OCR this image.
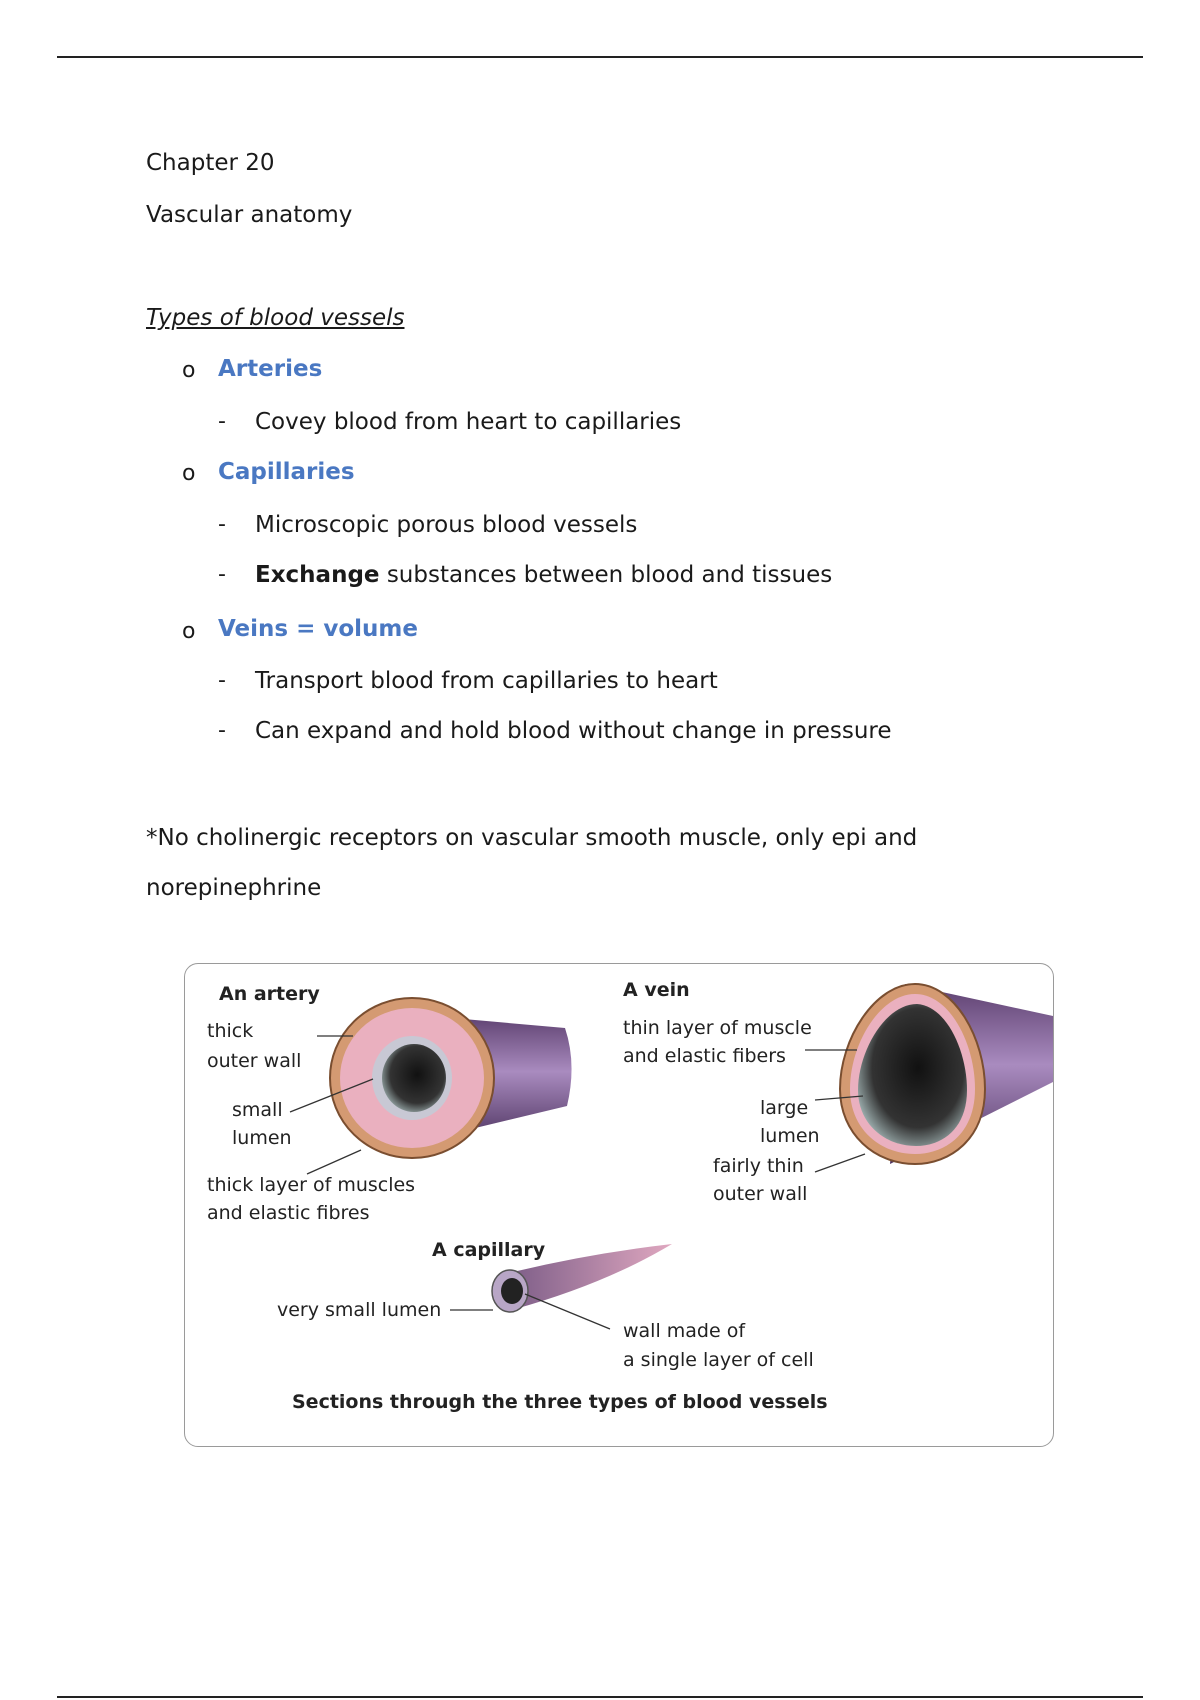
Chapter 20
Vascular anatomy
Types of blood vessels
o Arteries
- Covey blood from heart to capillaries
o Capillaries
- Microscopic porous blood vessels
- Exchange substances between blood and tissues
o Veins = volume
- Transport blood from capillaries to heart
- Can expand and hold blood without change in pressure
*No cholinergic receptors on vascular smooth muscle, only epi and
norepinephrine
An artery
thick
outer wall
small
lumen
thick layer of muscles
and elastic fibres
A vein
thin layer of muscle
and elastic fibers
large
lumen
fairly thin
outer wall
A capillary
very small lumen
wall made of
a single layer of cell
Sections through the three types of blood vessels
